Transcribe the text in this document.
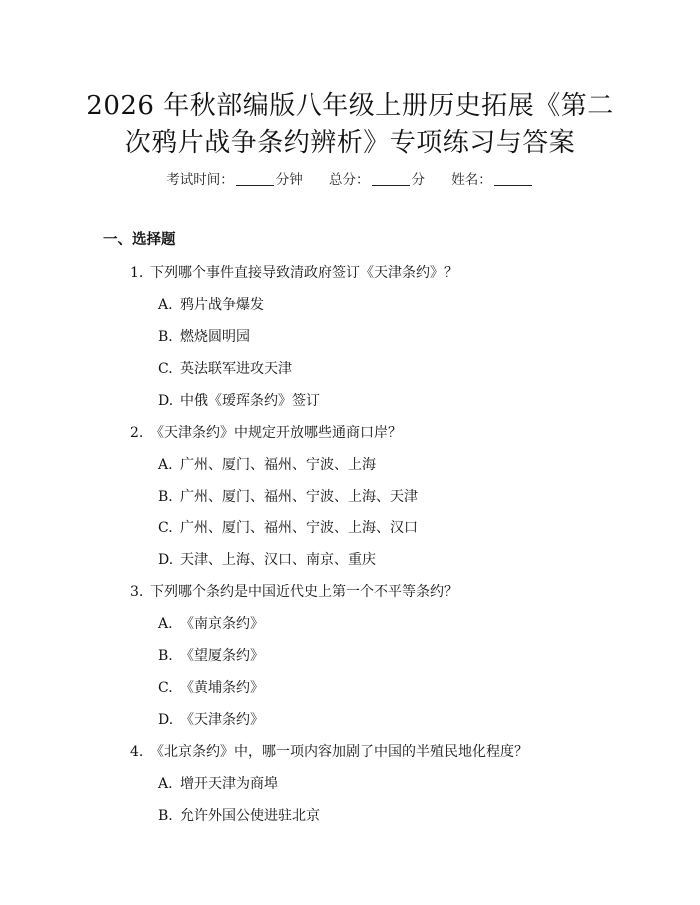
2026 年秋部编版八年级上册历史拓展《第二
次鸦片战争条约辨析》专项练习与答案
考试时间：	分钟 总分：	分 姓名：
一、选择题
1. 下列哪个事件直接导致清政府签订《天津条约》？
A. 鸦片战争爆发
B. 燃烧圆明园
C. 英法联军进攻天津
D. 中俄《瑷珲条约》签订
2. 《天津条约》中规定开放哪些通商口岸？
A. 广州、厦门、福州、宁波、上海
B. 广州、厦门、福州、宁波、上海、天津
C. 广州、厦门、福州、宁波、上海、汉口
D. 天津、上海、汉口、南京、重庆
3. 下列哪个条约是中国近代史上第一个不平等条约？
A. 《南京条约》
B. 《望厦条约》
C. 《黄埔条约》
D. 《天津条约》
4. 《北京条约》中，哪一项内容加剧了中国的半殖民地化程度？
A. 增开天津为商埠
B. 允许外国公使进驻北京
